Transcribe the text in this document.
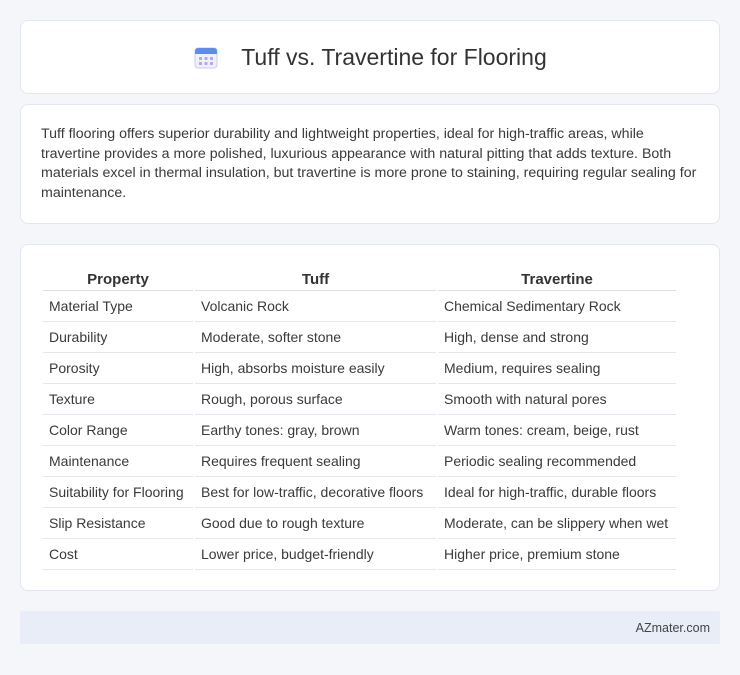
Tuff vs. Travertine for Flooring

Tuff flooring offers superior durability and lightweight properties, ideal for high-traffic areas, while travertine provides a more polished, luxurious appearance with natural pitting that adds texture. Both materials excel in thermal insulation, but travertine is more prone to staining, requiring regular sealing for maintenance.

Property	Tuff	Travertine
Material Type	Volcanic Rock	Chemical Sedimentary Rock
Durability	Moderate, softer stone	High, dense and strong
Porosity	High, absorbs moisture easily	Medium, requires sealing
Texture	Rough, porous surface	Smooth with natural pores
Color Range	Earthy tones: gray, brown	Warm tones: cream, beige, rust
Maintenance	Requires frequent sealing	Periodic sealing recommended
Suitability for Flooring	Best for low-traffic, decorative floors	Ideal for high-traffic, durable floors
Slip Resistance	Good due to rough texture	Moderate, can be slippery when wet
Cost	Lower price, budget-friendly	Higher price, premium stone
AZmater.com
